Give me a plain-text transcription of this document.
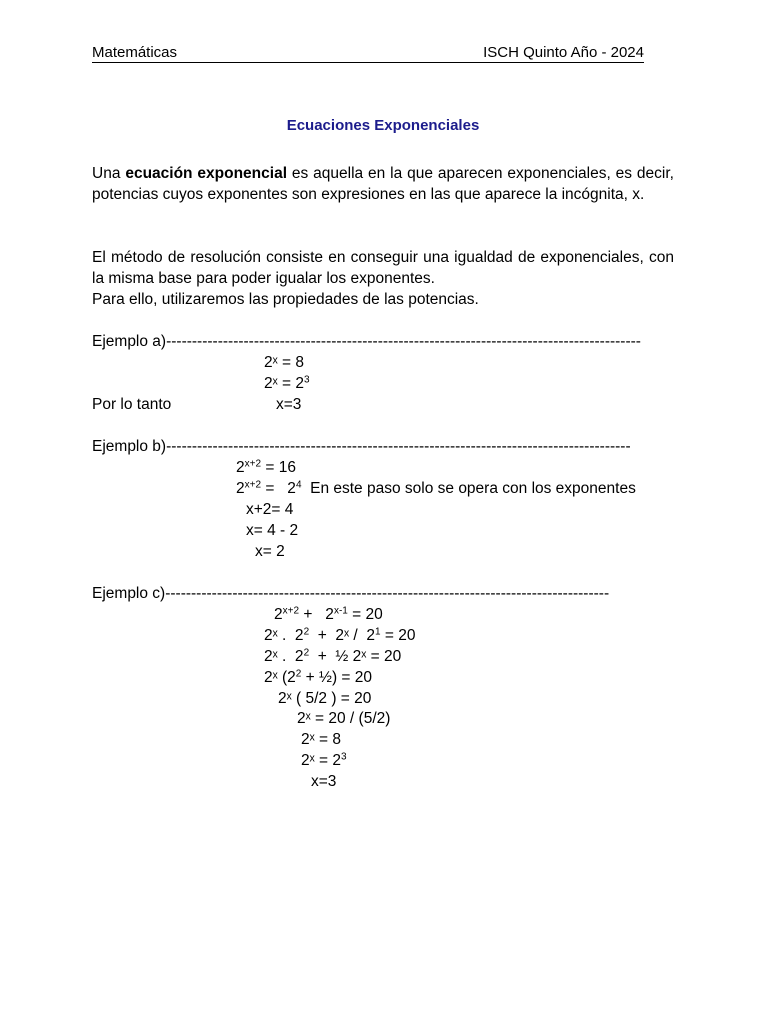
Matemáticas	ISCH Quinto Año - 2024
Ecuaciones Exponenciales
Una ecuación exponencial es aquella en la que aparecen exponenciales, es decir, potencias cuyos exponentes son expresiones en las que aparece la incógnita, x.
El método de resolución consiste en conseguir una igualdad de exponenciales, con la misma base para poder igualar los exponentes.
Para ello, utilizaremos las propiedades de las potencias.
Ejemplo a)--------------------------------------------------------------------------------------------
2ˣ = 8
2ˣ = $2^3$
Por lo tanto	x=3
Ejemplo b)------------------------------------------------------------------------------------------
$2^{x+2} = 16$
$2^{x+2} = 2^4$  En este paso solo se opera con los exponentes
x+2= 4
x= 4 - 2
x= 2
Ejemplo c)--------------------------------------------------------------------------------------
$2^{x+2} + 2^{x-1} = 20$
2ˣ .  $2^2$  +  2ˣ /  $2^1 = 20$
2ˣ .  $2^2$  +  ½ 2ˣ = 20
2ˣ ($2^2$ + ½) = 20
2ˣ ( 5/2 ) = 20
2ˣ = 20 / (5/2)
2ˣ = 8
2ˣ = $2^3$
x=3
